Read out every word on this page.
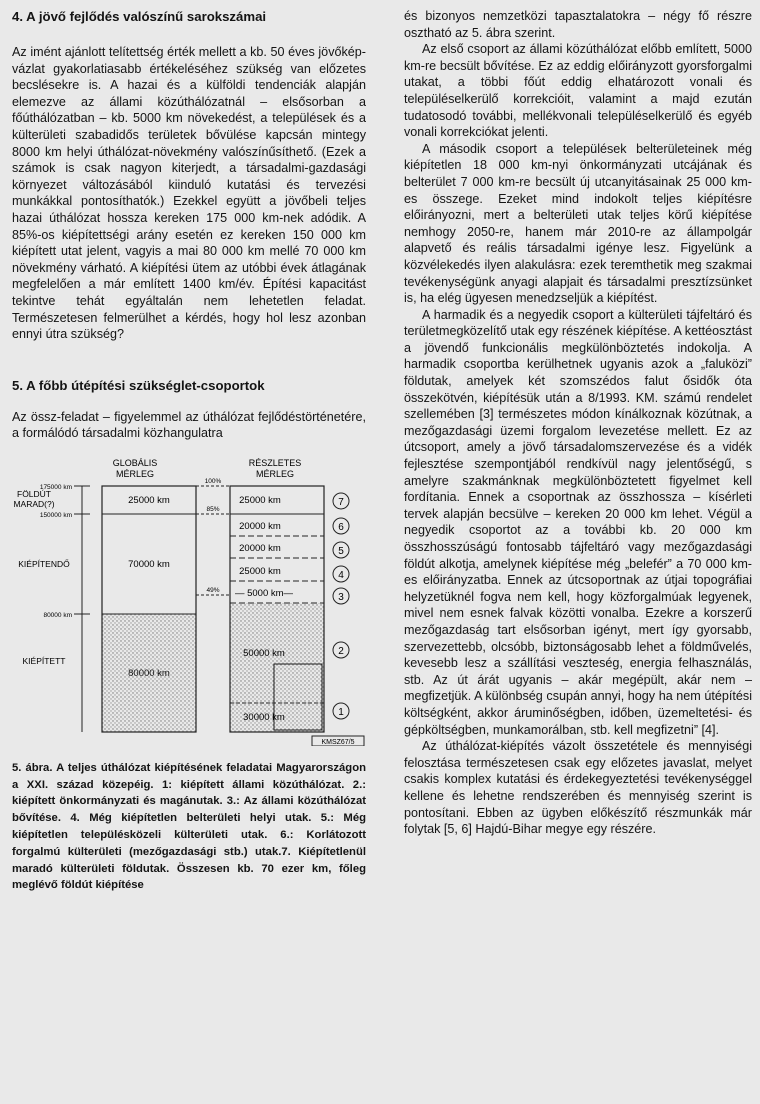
4. A jövő fejlődés valószínű sarokszámai

Az imént ajánlott telítettség érték mellett a kb. 50 éves jövőkép-vázlat gyakorlatiasabb értékeléséhez szükség van előzetes becslésekre is. A hazai és a külföldi tendenciák alapján elemezve az állami közúthálózatnál – elsősorban a főúthálózatban – kb. 5000 km növekedést, a települések és a külterületi szabadidős területek bővülése kapcsán mintegy 8000 km helyi úthálózat-növekmény valószínűsíthető. (Ezek a számok is csak nagyon kiterjedt, a társadalmi-gazdasági környezet változásából kiinduló kutatási és tervezési munkákkal pontosíthatók.) Ezekkel együtt a jövőbeli teljes hazai úthálózat hossza kereken 175 000 km-nek adódik. A 85%-os kiépítettségi arány esetén ez kereken 150 000 km kiépített utat jelent, vagyis a mai 80 000 km mellé 70 000 km növekmény várható. A kiépítési ütem az utóbbi évek átlagának megfelelően a már említett 1400 km/év. Építési kapacitást tekintve tehát egyáltalán nem lehetetlen feladat. Természetesen felmerülhet a kérdés, hogy hol lesz azonban ennyi útra szükség?

5. A főbb útépítési szükséglet-csoportok

Az össz-feladat – figyelemmel az úthálózat fejlődéstörténetére, a formálódó társadalmi közhangulatra

GLOBÁLIS
MÉRLEG
RÉSZLETES
MÉRLEG
175000 km
150000 km
80000 km
FÖLDÚT
MARAD(?)
KIÉPÍTENDŐ
KIÉPÍTETT
25000 km
70000 km
80000 km
100%
85%
49%
25000 km
20000 km
20000 km
25000 km
— 5000 km—
50000 km
30000 km
7
6
5
4
3
2
1
KMSZ67/5

5. ábra. A teljes úthálózat kiépítésének feladatai Magyarországon a XXI. század közepéig. 1: kiépített állami közúthálózat. 2.: kiépített önkormányzati és magánutak. 3.: Az állami közúthálózat bővítése. 4. Még kiépítetlen belterületi helyi utak. 5.: Még kiépítetlen településközeli külterületi utak. 6.: Korlátozott forgalmú külterületi (mezőgazdasági stb.) utak.7. Kiépítetlenül maradó külterületi földutak. Összesen kb. 70 ezer km, főleg meglévő földút kiépítése

és bizonyos nemzetközi tapasztalatokra – négy fő részre osztható az 5. ábra szerint.

Az első csoport az állami közúthálózat előbb említett, 5000 km-re becsült bővítése. Ez az eddig előirányzott gyorsforgalmi utakat, a többi főút eddig elhatározott vonali és településelkerülő korrekcióit, valamint a majd ezután tudatosodó további, mellékvonali településelkerülő és egyéb vonali korrekciókat jelenti.

A második csoport a települések belterületeinek még kiépítetlen 18 000 km-nyi önkormányzati utcájának és belterület 7 000 km-re becsült új utcanyitásainak 25 000 km-es összege. Ezeket mind indokolt teljes kiépítésre előirányozni, mert a belterületi utak teljes körű kiépítése nemhogy 2050-re, hanem már 2010-re az állampolgár alapvető és reális társadalmi igénye lesz. Figyelünk a közvélekedés ilyen alakulásra: ezek teremthetik meg szakmai tevékenységünk anyagi alapjait és társadalmi presztízsünket is, ha elég ügyesen menedzseljük a kiépítést.

A harmadik és a negyedik csoport a külterületi tájfeltáró és területmegközelítő utak egy részének kiépítése. A kettéosztást a jövendő funkcionális megkülönböztetés indokolja. A harmadik csoportba kerülhetnek ugyanis azok a „faluközi” földutak, amelyek két szomszédos falut ősidők óta összekötvén, kiépítésük után a 8/1993. KM. számú rendelet szellemében [3] természetes módon kínálkoznak közútnak, a mezőgazdasági üzemi forgalom levezetése mellett. Ez az útcsoport, amely a jövő társadalomszervezése és a vidék fejlesztése szempontjából rendkívül nagy jelentőségű, s amelyre szakmánknak megkülönböztetett figyelmet kell fordítania. Ennek a csoportnak az összhossza – kísérleti tervek alapján becsülve – kereken 20 000 km lehet. Végül a negyedik csoportot az a további kb. 20 000 km összhosszúságú fontosabb tájfeltáró vagy mezőgazdasági földút alkotja, amelynek kiépítése még „belefér” a 70 000 km-es előirányzatba. Ennek az útcsoportnak az útjai topográfiai helyzetüknél fogva nem kell, hogy közforgalmúak legyenek, mivel nem esnek falvak közötti vonalba. Ezekre a korszerű mezőgazdaság tart elsősorban igényt, mert így gyorsabb, szervezettebb, olcsóbb, biztonságosabb lehet a földművelés, kevesebb lesz a szállítási veszteség, energia felhasználás, stb. Az út árát ugyanis – akár megépült, akár nem – megfizetjük. A különbség csupán annyi, hogy ha nem útépítési költségként, akkor áruminőségben, időben, üzemeltetési- és gépköltségben, munkamorálban, stb. kell megfizetni” [4].

Az úthálózat-kiépítés vázolt összetétele és mennyiségi felosztása természetesen csak egy előzetes javaslat, melyet csakis komplex kutatási és érdekegyeztetési tevékenységgel kellene és lehetne rendszerében és mennyiség szerint is pontosítani. Ebben az ügyben előkészítő részmunkák már folytak [5, 6] Hajdú-Bihar megye egy részére.
